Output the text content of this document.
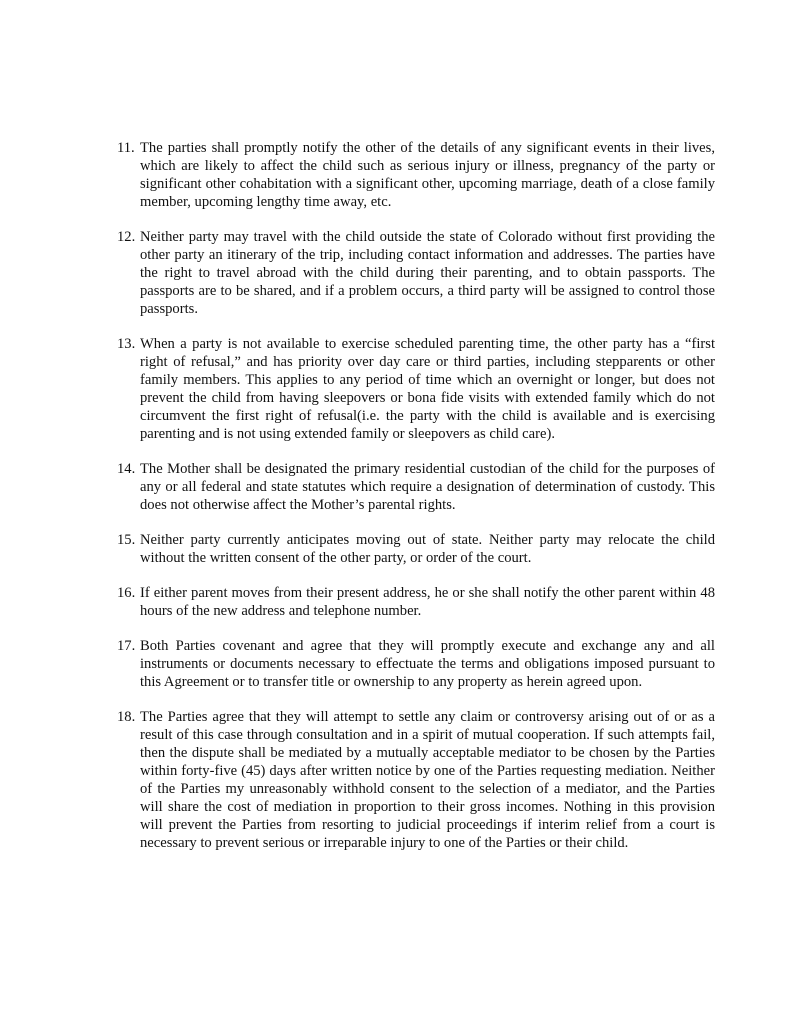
11. The parties shall promptly notify the other of the details of any significant events in their lives, which are likely to affect the child such as serious injury or illness, pregnancy of the party or significant other cohabitation with a significant other, upcoming marriage, death of a close family member, upcoming lengthy time away, etc.
12. Neither party may travel with the child outside the state of Colorado without first providing the other party an itinerary of the trip, including contact information and addresses. The parties have the right to travel abroad with the child during their parenting, and to obtain passports. The passports are to be shared, and if a problem occurs, a third party will be assigned to control those passports.
13. When a party is not available to exercise scheduled parenting time, the other party has a “first right of refusal,” and has priority over day care or third parties, including stepparents or other family members. This applies to any period of time which an overnight or longer, but does not prevent the child from having sleepovers or bona fide visits with extended family which do not circumvent the first right of refusal(i.e. the party with the child is available and is exercising parenting and is not using extended family or sleepovers as child care).
14. The Mother shall be designated the primary residential custodian of the child for the purposes of any or all federal and state statutes which require a designation of determination of custody. This does not otherwise affect the Mother’s parental rights.
15. Neither party currently anticipates moving out of state. Neither party may relocate the child without the written consent of the other party, or order of the court.
16. If either parent moves from their present address, he or she shall notify the other parent within 48 hours of the new address and telephone number.
17. Both Parties covenant and agree that they will promptly execute and exchange any and all instruments or documents necessary to effectuate the terms and obligations imposed pursuant to this Agreement or to transfer title or ownership to any property as herein agreed upon.
18. The Parties agree that they will attempt to settle any claim or controversy arising out of or as a result of this case through consultation and in a spirit of mutual cooperation. If such attempts fail, then the dispute shall be mediated by a mutually acceptable mediator to be chosen by the Parties within forty-five (45) days after written notice by one of the Parties requesting mediation. Neither of the Parties my unreasonably withhold consent to the selection of a mediator, and the Parties will share the cost of mediation in proportion to their gross incomes. Nothing in this provision will prevent the Parties from resorting to judicial proceedings if interim relief from a court is necessary to prevent serious or irreparable injury to one of the Parties or their child.
